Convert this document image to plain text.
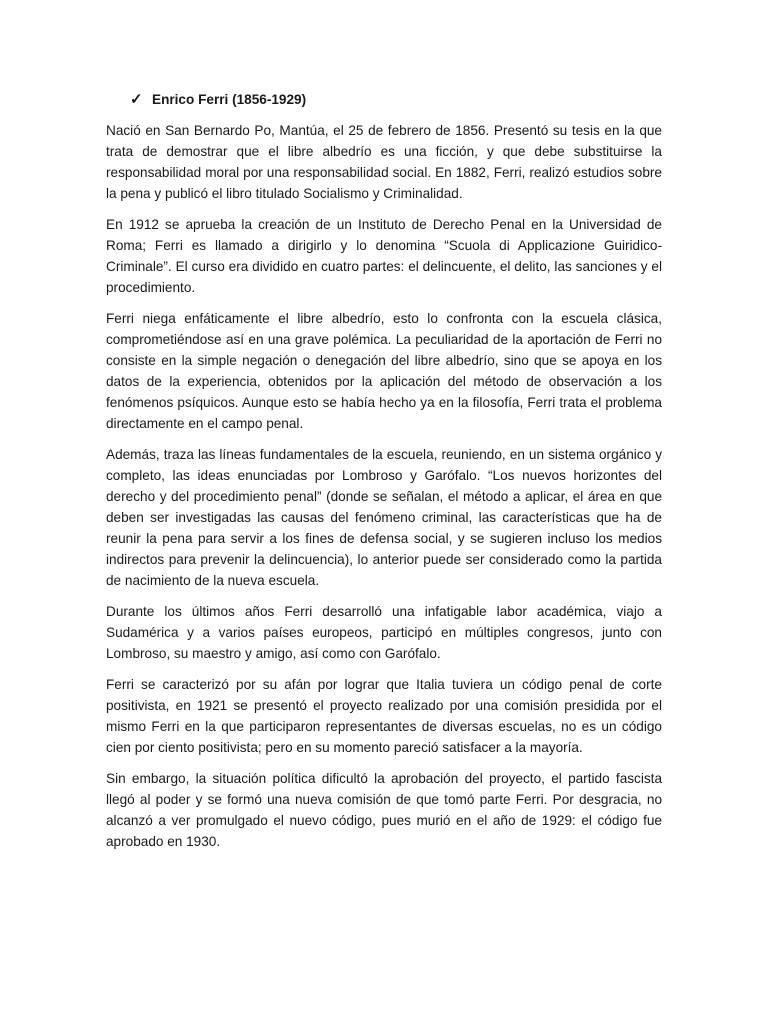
✓ Enrico Ferri (1856-1929)

Nació en San Bernardo Po, Mantúa, el 25 de febrero de 1856. Presentó su tesis en la que trata de demostrar que el libre albedrío es una ficción, y que debe substituirse la responsabilidad moral por una responsabilidad social. En 1882, Ferri, realizó estudios sobre la pena y publicó el libro titulado Socialismo y Criminalidad.

En 1912 se aprueba la creación de un Instituto de Derecho Penal en la Universidad de Roma; Ferri es llamado a dirigirlo y lo denomina “Scuola di Applicazione Guiridico-Criminale”. El curso era dividido en cuatro partes: el delincuente, el delito, las sanciones y el procedimiento.

Ferri niega enfáticamente el libre albedrío, esto lo confronta con la escuela clásica, comprometiéndose así en una grave polémica. La peculiaridad de la aportación de Ferri no consiste en la simple negación o denegación del libre albedrío, sino que se apoya en los datos de la experiencia, obtenidos por la aplicación del método de observación a los fenómenos psíquicos. Aunque esto se había hecho ya en la filosofía, Ferri trata el problema directamente en el campo penal.

Además, traza las líneas fundamentales de la escuela, reuniendo, en un sistema orgánico y completo, las ideas enunciadas por Lombroso y Garófalo. “Los nuevos horizontes del derecho y del procedimiento penal” (donde se señalan, el método a aplicar, el área en que deben ser investigadas las causas del fenómeno criminal, las características que ha de reunir la pena para servir a los fines de defensa social, y se sugieren incluso los medios indirectos para prevenir la delincuencia), lo anterior puede ser considerado como la partida de nacimiento de la nueva escuela.

Durante los últimos años Ferri desarrolló una infatigable labor académica, viajo a Sudamérica y a varios países europeos, participó en múltiples congresos, junto con Lombroso, su maestro y amigo, así como con Garófalo.

Ferri se caracterizó por su afán por lograr que Italia tuviera un código penal de corte positivista, en 1921 se presentó el proyecto realizado por una comisión presidida por el mismo Ferri en la que participaron representantes de diversas escuelas, no es un código cien por ciento positivista; pero en su momento pareció satisfacer a la mayoría.

Sin embargo, la situación política dificultó la aprobación del proyecto, el partido fascista llegó al poder y se formó una nueva comisión de que tomó parte Ferri. Por desgracia, no alcanzó a ver promulgado el nuevo código, pues murió en el año de 1929: el código fue aprobado en 1930.
